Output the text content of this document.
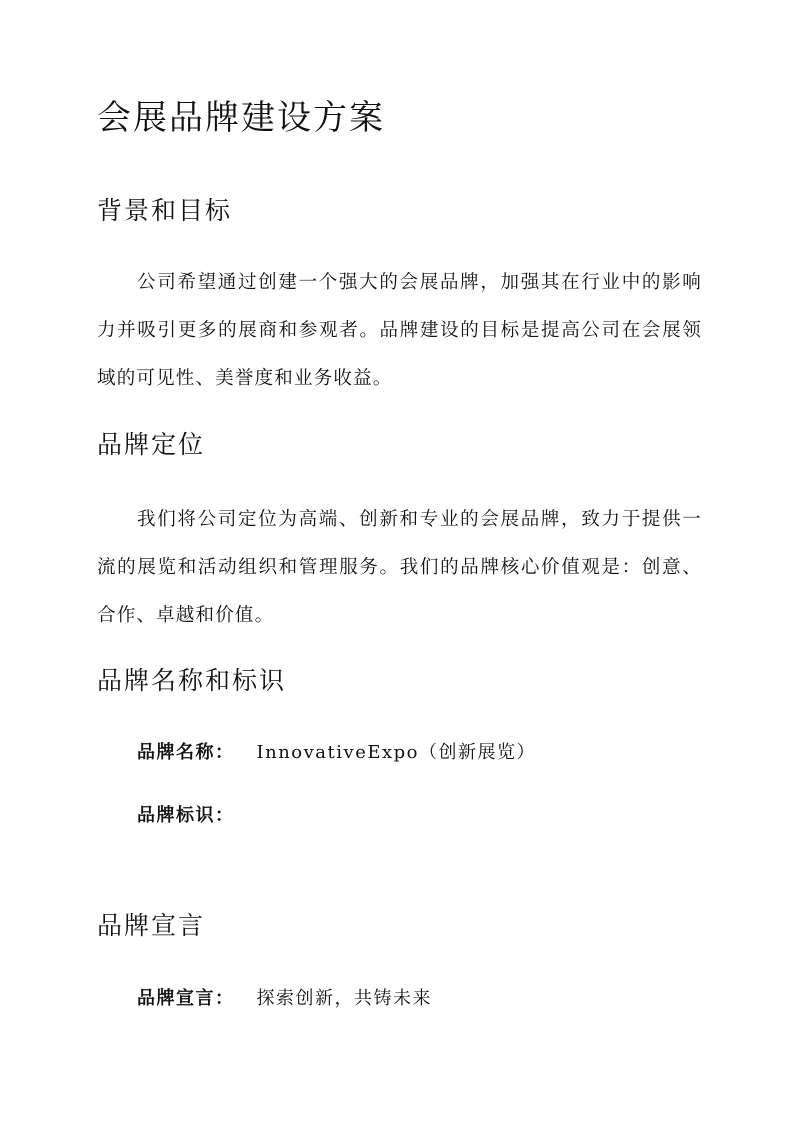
会展品牌建设方案
背景和目标

公司希望通过创建一个强大的会展品牌，加强其在行业中的影响力并吸引更多的展商和参观者。品牌建设的目标是提高公司在会展领域的可见性、美誉度和业务收益。

品牌定位

我们将公司定位为高端、创新和专业的会展品牌，致力于提供一流的展览和活动组织和管理服务。我们的品牌核心价值观是：创意、合作、卓越和价值。

品牌名称和标识

品牌名称： InnovativeExpo（创新展览）

品牌标识：

品牌宣言

品牌宣言： 探索创新，共铸未来
